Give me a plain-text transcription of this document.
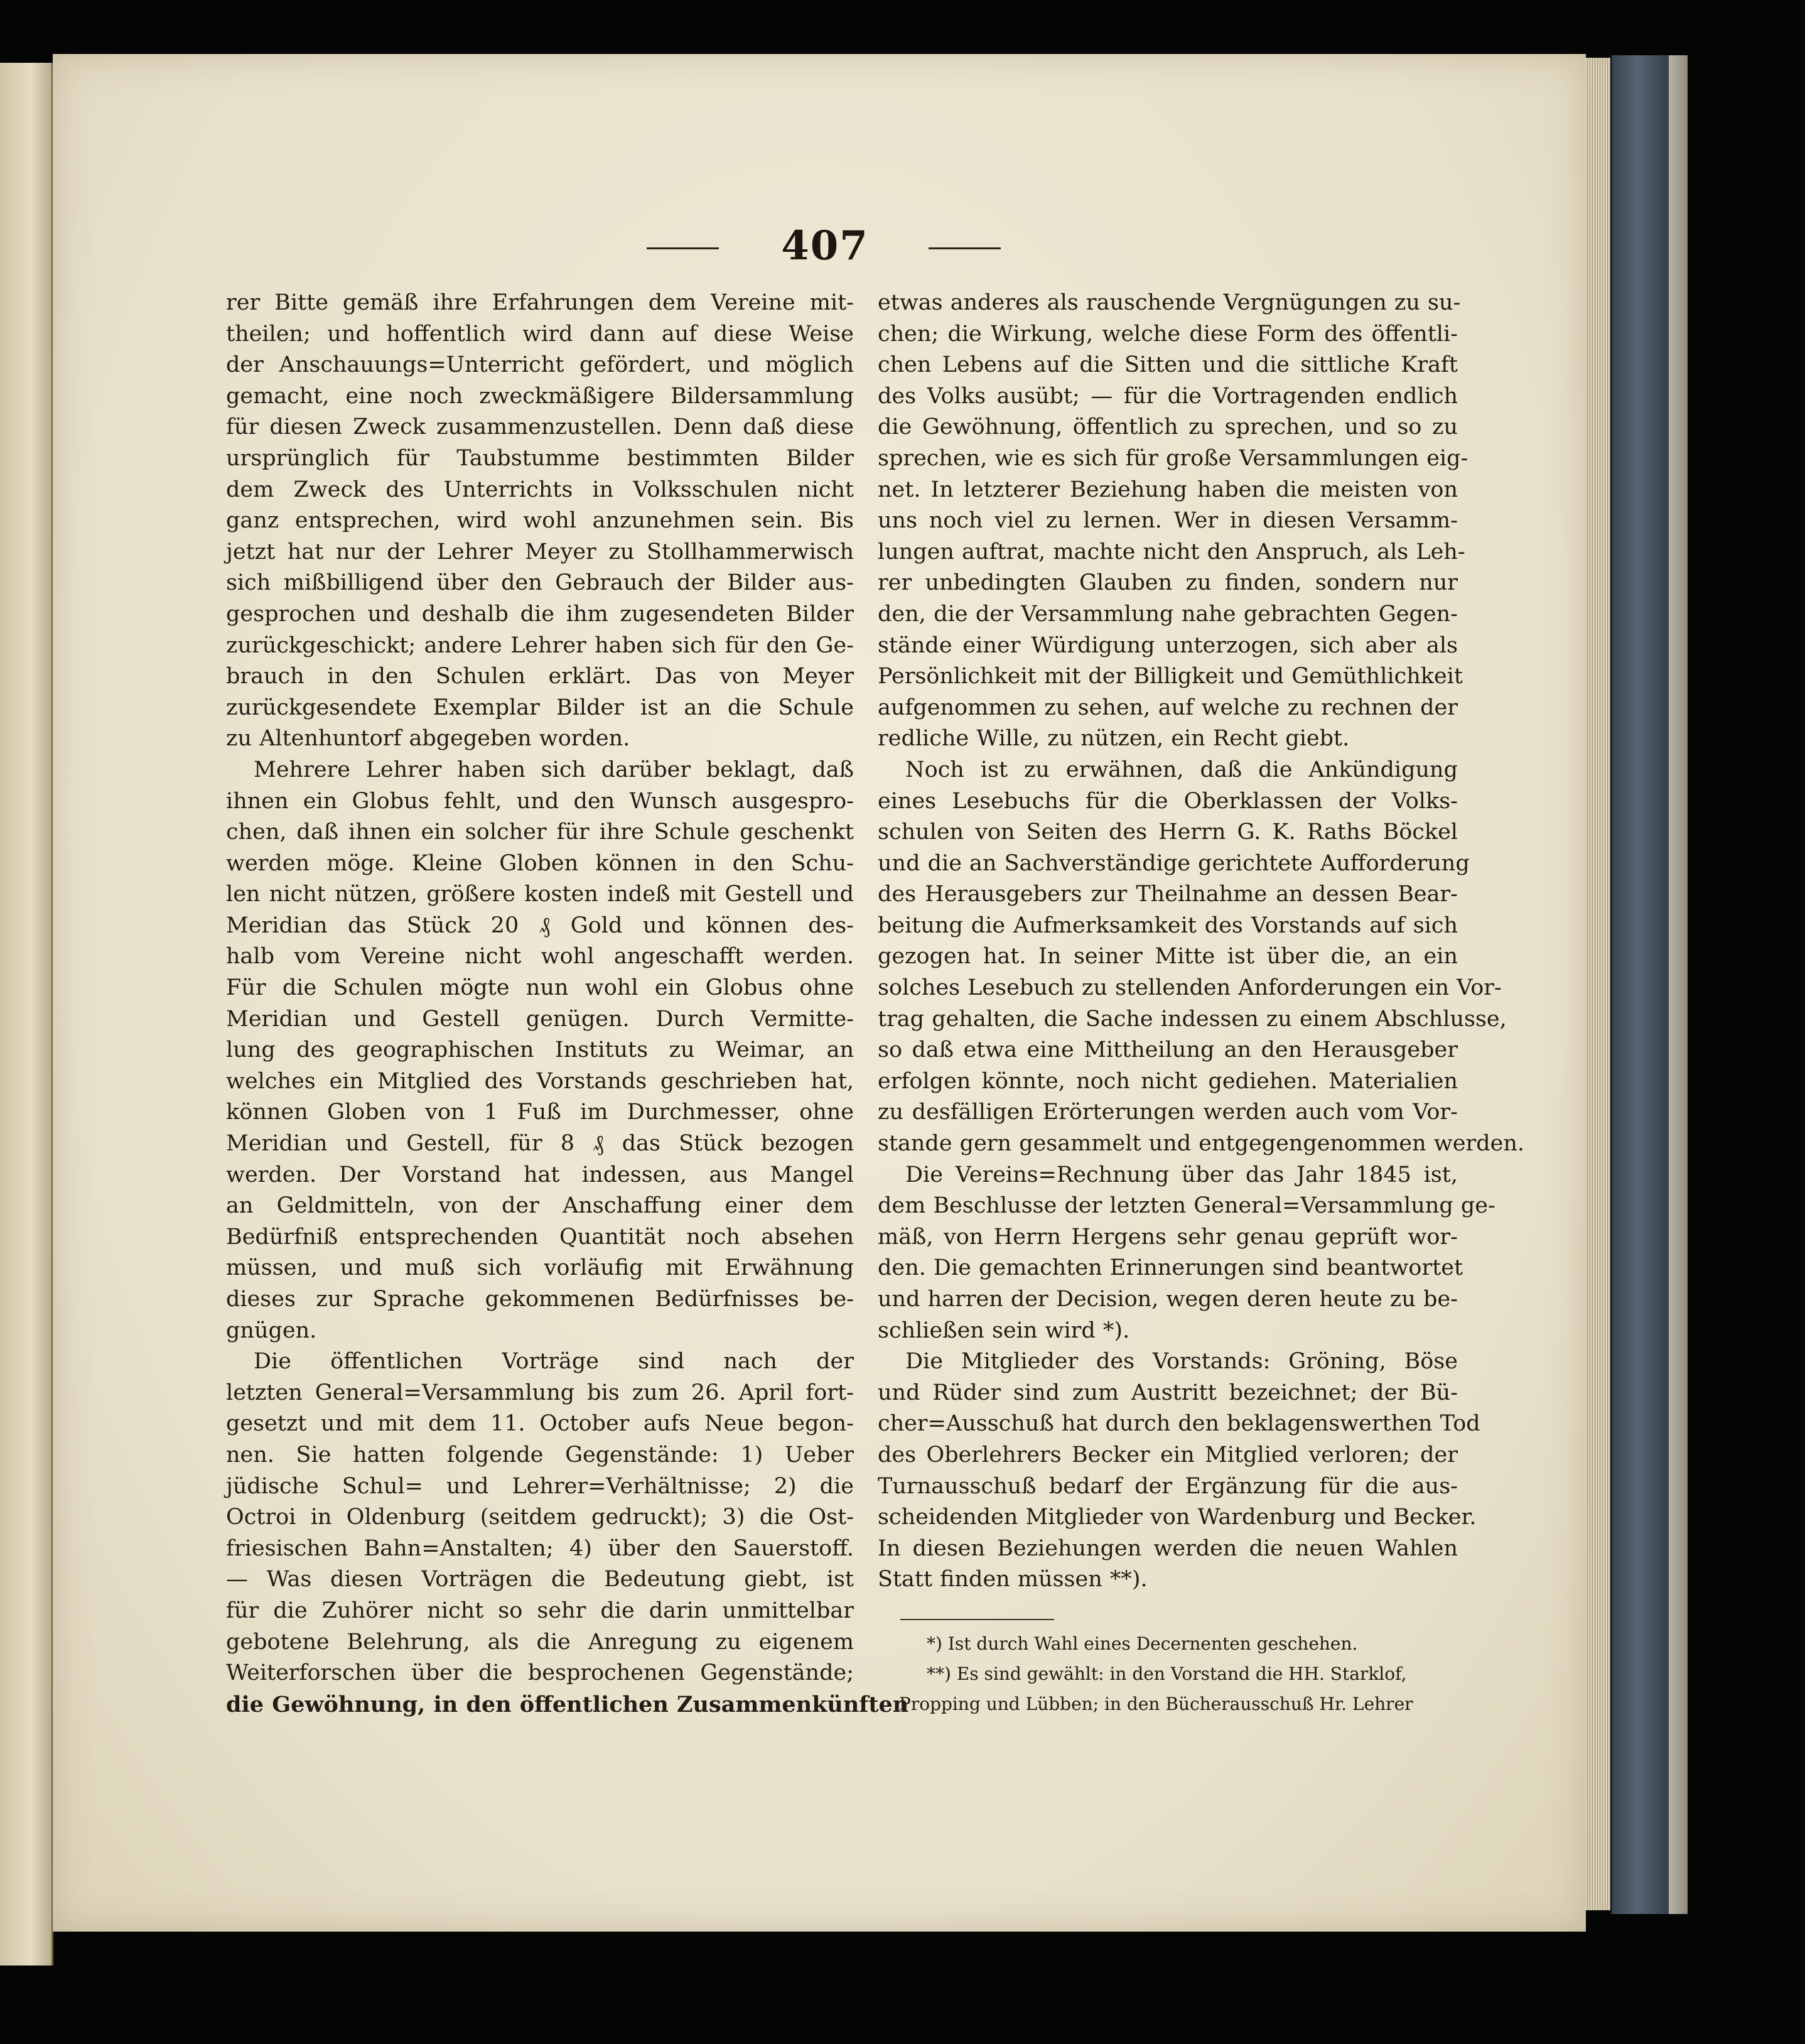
407
rer Bitte gemäß ihre Erfahrungen dem Vereine mit-
theilen; und hoffentlich wird dann auf diese Weise
der Anschauungs=Unterricht gefördert, und möglich
gemacht, eine noch zweckmäßigere Bildersammlung
für diesen Zweck zusammenzustellen. Denn daß diese
ursprünglich für Taubstumme bestimmten Bilder
dem Zweck des Unterrichts in Volksschulen nicht
ganz entsprechen, wird wohl anzunehmen sein. Bis
jetzt hat nur der Lehrer Meyer zu Stollhammerwisch
sich mißbilligend über den Gebrauch der Bilder aus-
gesprochen und deshalb die ihm zugesendeten Bilder
zurückgeschickt; andere Lehrer haben sich für den Ge-
brauch in den Schulen erklärt. Das von Meyer
zurückgesendete Exemplar Bilder ist an die Schule
zu Altenhuntorf abgegeben worden.
Mehrere Lehrer haben sich darüber beklagt, daß
ihnen ein Globus fehlt, und den Wunsch ausgespro-
chen, daß ihnen ein solcher für ihre Schule geschenkt
werden möge. Kleine Globen können in den Schu-
len nicht nützen, größere kosten indeß mit Gestell und
Meridian das Stück 20 ₰ Gold und können des-
halb vom Vereine nicht wohl angeschafft werden.
Für die Schulen mögte nun wohl ein Globus ohne
Meridian und Gestell genügen. Durch Vermitte-
lung des geographischen Instituts zu Weimar, an
welches ein Mitglied des Vorstands geschrieben hat,
können Globen von 1 Fuß im Durchmesser, ohne
Meridian und Gestell, für 8 ₰ das Stück bezogen
werden. Der Vorstand hat indessen, aus Mangel
an Geldmitteln, von der Anschaffung einer dem
Bedürfniß entsprechenden Quantität noch absehen
müssen, und muß sich vorläufig mit Erwähnung
dieses zur Sprache gekommenen Bedürfnisses be-
gnügen.
Die öffentlichen Vorträge sind nach der
letzten General=Versammlung bis zum 26. April fort-
gesetzt und mit dem 11. October aufs Neue begon-
nen. Sie hatten folgende Gegenstände: 1) Ueber
jüdische Schul= und Lehrer=Verhältnisse; 2) die
Octroi in Oldenburg (seitdem gedruckt); 3) die Ost-
friesischen Bahn=Anstalten; 4) über den Sauerstoff.
— Was diesen Vorträgen die Bedeutung giebt, ist
für die Zuhörer nicht so sehr die darin unmittelbar
gebotene Belehrung, als die Anregung zu eigenem
Weiterforschen über die besprochenen Gegenstände;
die Gewöhnung, in den öffentlichen Zusammenkünften
etwas anderes als rauschende Vergnügungen zu su-
chen; die Wirkung, welche diese Form des öffentli-
chen Lebens auf die Sitten und die sittliche Kraft
des Volks ausübt; — für die Vortragenden endlich
die Gewöhnung, öffentlich zu sprechen, und so zu
sprechen, wie es sich für große Versammlungen eig-
net. In letzterer Beziehung haben die meisten von
uns noch viel zu lernen. Wer in diesen Versamm-
lungen auftrat, machte nicht den Anspruch, als Leh-
rer unbedingten Glauben zu finden, sondern nur
den, die der Versammlung nahe gebrachten Gegen-
stände einer Würdigung unterzogen, sich aber als
Persönlichkeit mit der Billigkeit und Gemüthlichkeit
aufgenommen zu sehen, auf welche zu rechnen der
redliche Wille, zu nützen, ein Recht giebt.
Noch ist zu erwähnen, daß die Ankündigung
eines Lesebuchs für die Oberklassen der Volks-
schulen von Seiten des Herrn G. K. Raths Böckel
und die an Sachverständige gerichtete Aufforderung
des Herausgebers zur Theilnahme an dessen Bear-
beitung die Aufmerksamkeit des Vorstands auf sich
gezogen hat. In seiner Mitte ist über die, an ein
solches Lesebuch zu stellenden Anforderungen ein Vor-
trag gehalten, die Sache indessen zu einem Abschlusse,
so daß etwa eine Mittheilung an den Herausgeber
erfolgen könnte, noch nicht gediehen. Materialien
zu desfälligen Erörterungen werden auch vom Vor-
stande gern gesammelt und entgegengenommen werden.
Die Vereins=Rechnung über das Jahr 1845 ist,
dem Beschlusse der letzten General=Versammlung ge-
mäß, von Herrn Hergens sehr genau geprüft wor-
den. Die gemachten Erinnerungen sind beantwortet
und harren der Decision, wegen deren heute zu be-
schließen sein wird *).
Die Mitglieder des Vorstands: Gröning, Böse
und Rüder sind zum Austritt bezeichnet; der Bü-
cher=Ausschuß hat durch den beklagenswerthen Tod
des Oberlehrers Becker ein Mitglied verloren; der
Turnausschuß bedarf der Ergänzung für die aus-
scheidenden Mitglieder von Wardenburg und Becker.
In diesen Beziehungen werden die neuen Wahlen
Statt finden müssen **).
*) Ist durch Wahl eines Decernenten geschehen.
**) Es sind gewählt: in den Vorstand die HH. Starklof,
Propping und Lübben; in den Bücherausschuß Hr. Lehrer
